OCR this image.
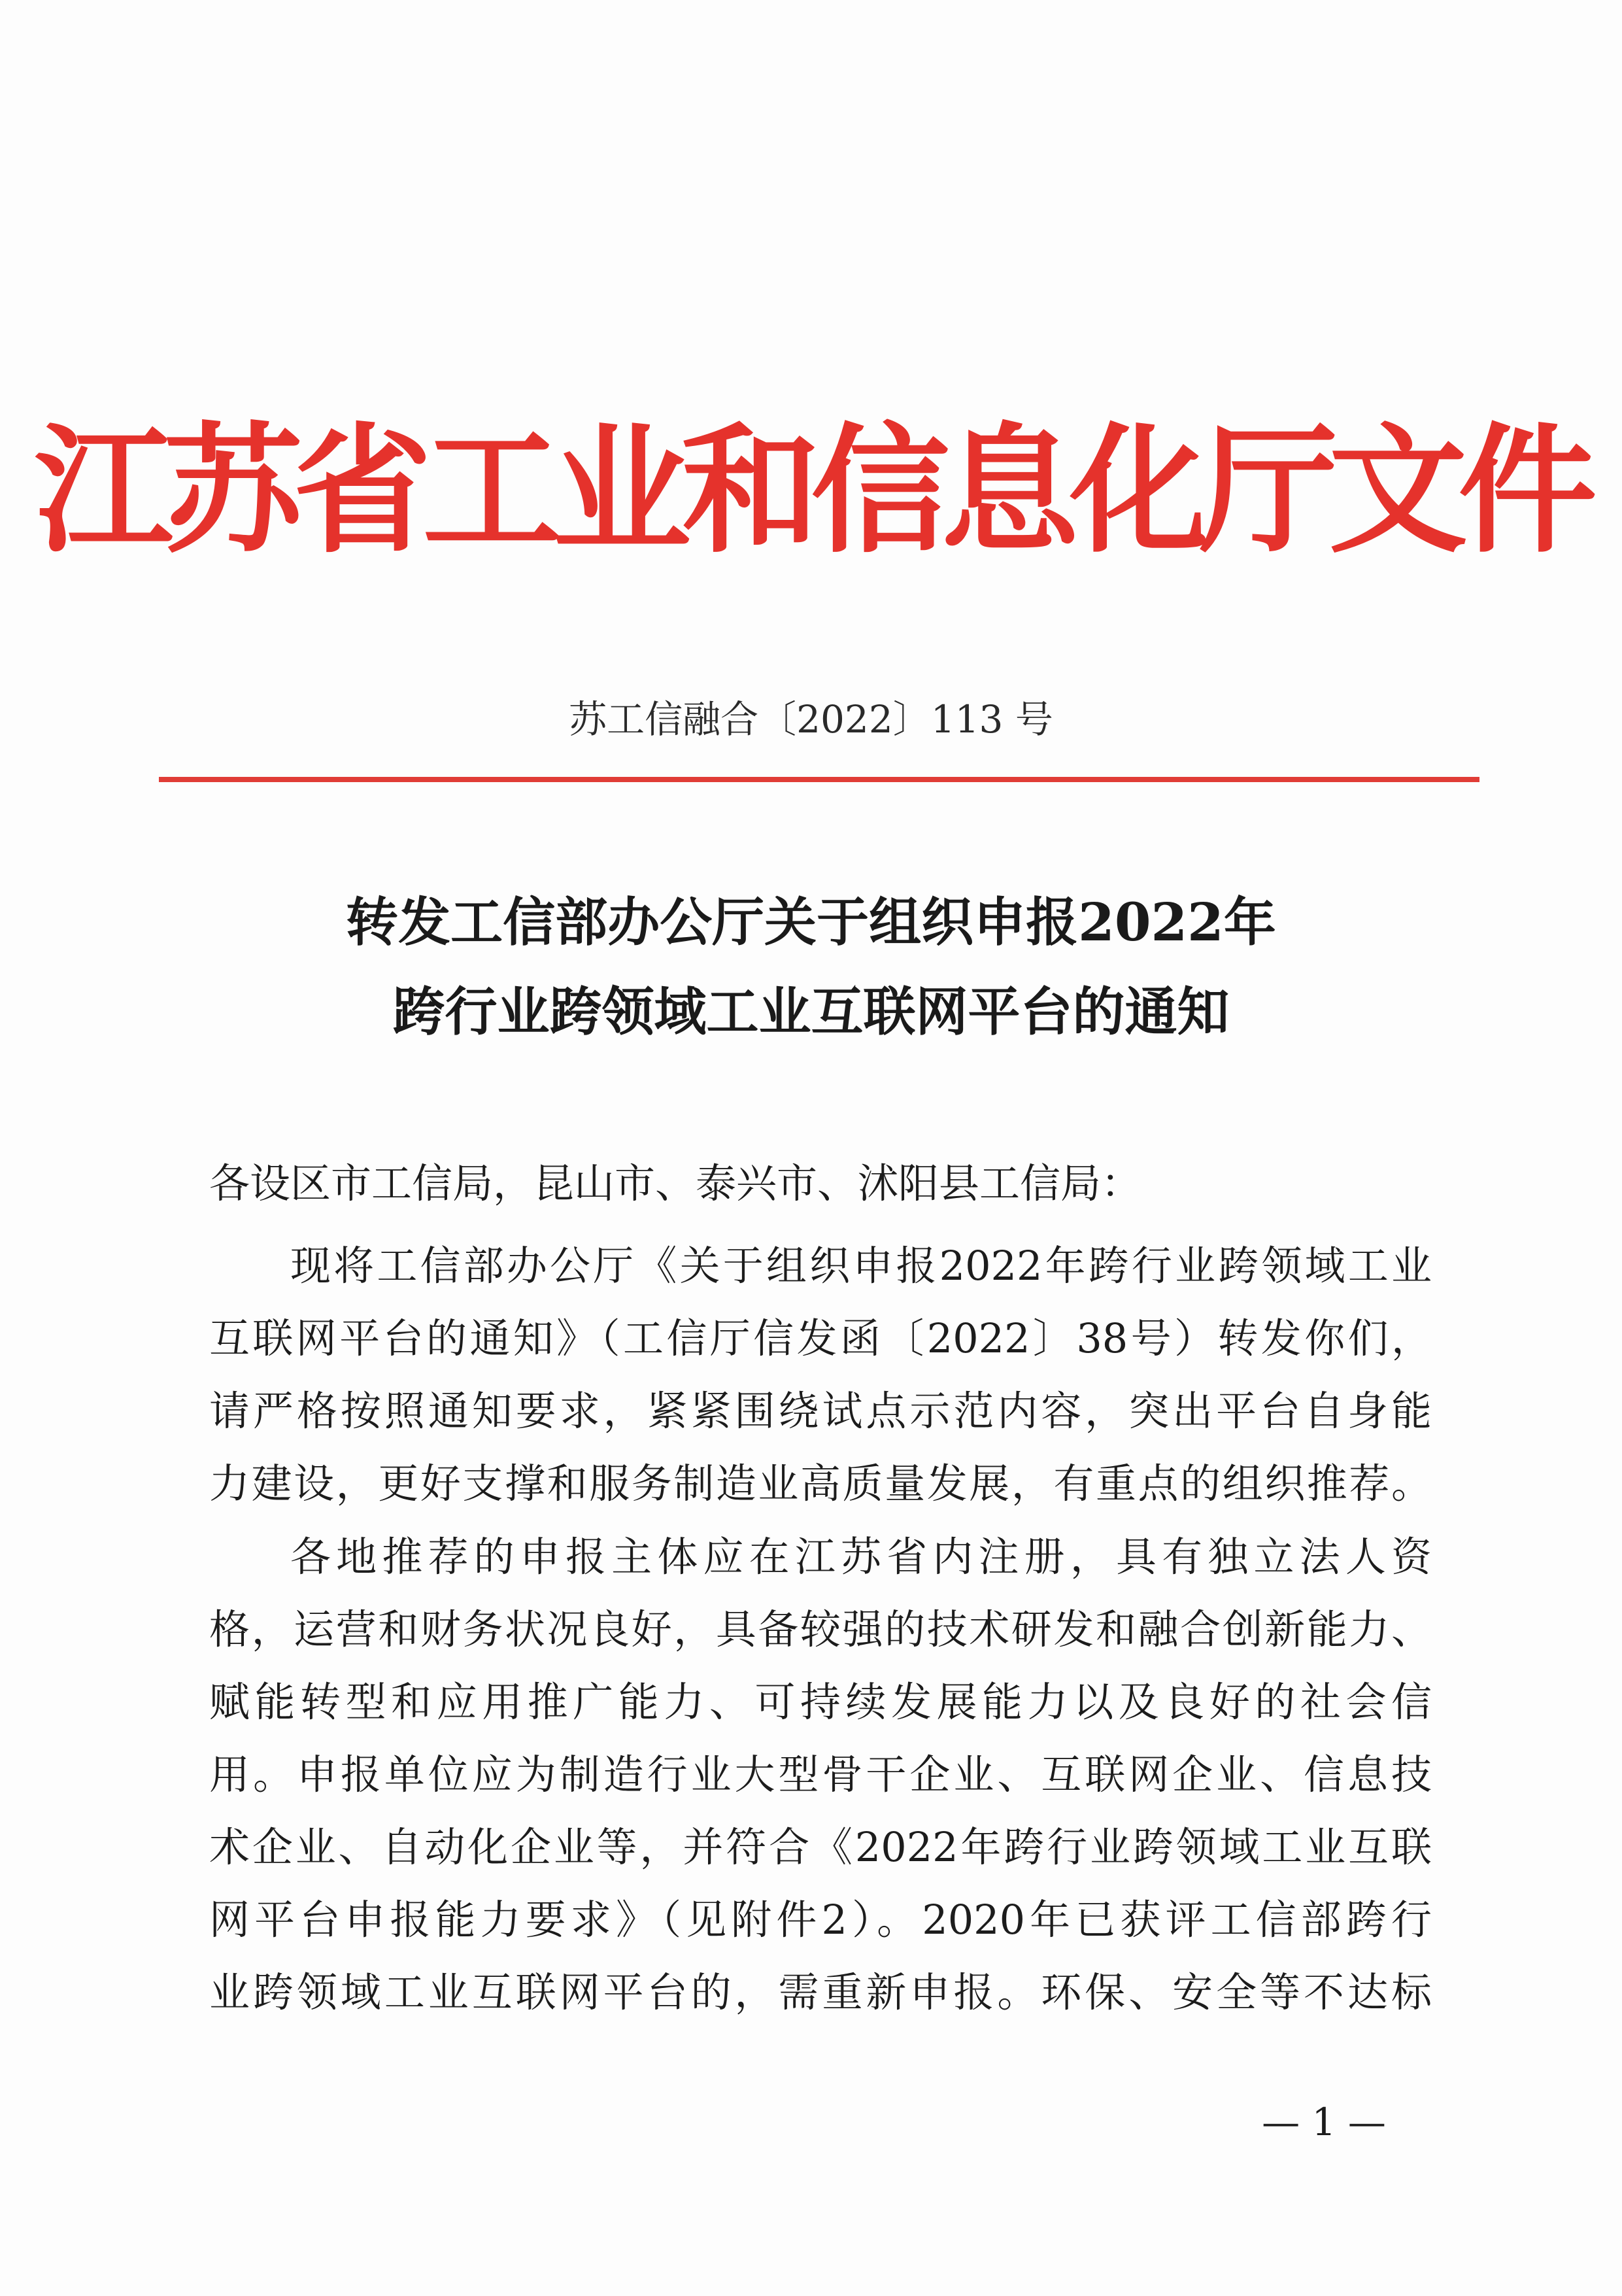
江苏省工业和信息化厅文件
苏工信融合〔2022〕113 号
转发工信部办公厅关于组织申报2022年
跨行业跨领域工业互联网平台的通知
各设区市工信局，昆山市、泰兴市、沭阳县工信局：
现将工信部办公厅《关于组织申报2022年跨行业跨领域工业
互联网平台的通知》（工信厅信发函〔2022〕38号）转发你们，
请严格按照通知要求，紧紧围绕试点示范内容，突出平台自身能
力建设，更好支撑和服务制造业高质量发展，有重点的组织推荐。
各地推荐的申报主体应在江苏省内注册，具有独立法人资
格，运营和财务状况良好，具备较强的技术研发和融合创新能力、
赋能转型和应用推广能力、可持续发展能力以及良好的社会信
用。申报单位应为制造行业大型骨干企业、互联网企业、信息技
术企业、自动化企业等，并符合《2022年跨行业跨领域工业互联
网平台申报能力要求》（见附件2）。2020年已获评工信部跨行
业跨领域工业互联网平台的，需重新申报。环保、安全等不达标
— 1 —
